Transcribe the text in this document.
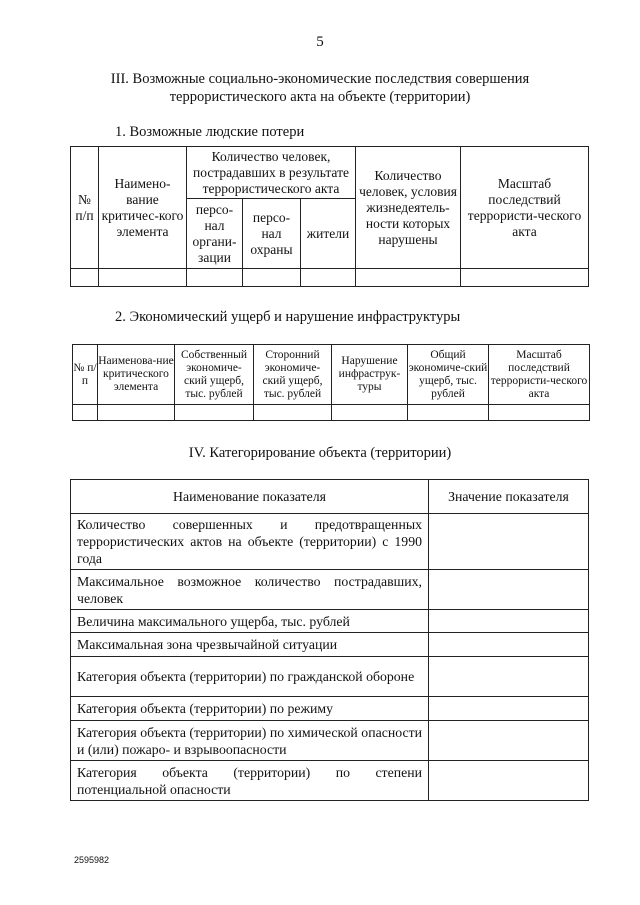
5
III. Возможные социально-экономические последствия совершения
террористического акта на объекте (территории)
1. Возможные людские потери
№ п/п	Наимено-вание критичес-кого элемента	Количество человек, пострадавших в результате террористического акта			Количество человек, условия жизнедеятель-ности которых нарушены	Масштаб последствий террористи-ческого акта
		персо-нал органи-зации	персо-нал охраны	жители		

2. Экономический ущерб и нарушение инфраструктуры
№ п/п	Наименова-ние критического элемента	Собственный экономиче-ский ущерб, тыс. рублей	Сторонний экономиче-ский ущерб, тыс. рублей	Нарушение инфраструк-туры	Общий экономиче-ский ущерб, тыс. рублей	Масштаб последствий террористи-ческого акта

IV. Категорирование объекта (территории)
Наименование показателя	Значение показателя
Количество совершенных и предотвращенных террористических актов на объекте (территории) с 1990 года	
Максимальное возможное количество пострадавших, человек	
Величина максимального ущерба, тыс. рублей	
Максимальная зона чрезвычайной ситуации	
Категория объекта (территории) по гражданской обороне	
Категория объекта (территории) по режиму	
Категория объекта (территории) по химической опасности и (или) пожаро- и взрывоопасности	
Категория объекта (территории) по степени потенциальной опасности	
2595982
